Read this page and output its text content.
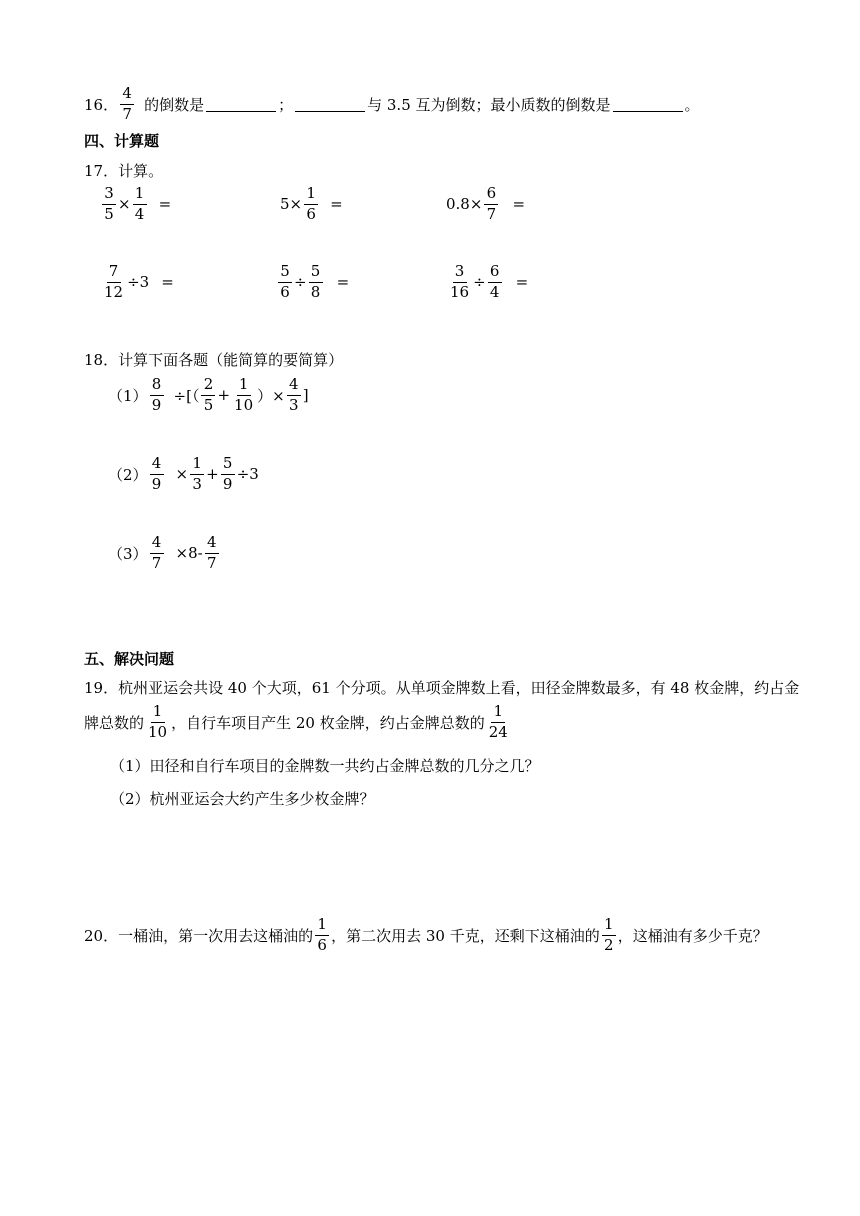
16． $\frac{4}{7}$ 的倒数是	；	与 3.5 互为倒数；最小质数的倒数是	。
四、计算题
17．计算。
$\frac{3}{5} \times \frac{1}{4}$ =	$5\times \frac{1}{6}$ =	$0.8\times \frac{6}{7}$ =
$\frac{7}{12} \div 3$ =	$\frac{5}{6} \div \frac{5}{8}$ =	$\frac{3}{16} \div \frac{6}{4}$ =
18．计算下面各题（能简算的要简算）
$(1) \frac{8}{9}$ ÷[（ $\frac{2}{5} + \frac{1}{10}$ ）× $\frac{4}{3}$ ]
$(2) \frac{4}{9} \times \frac{1}{3} + \frac{5}{9} \div 3$
$(3) \frac{4}{7} \times 8- \frac{4}{7}$
五、解决问题
19．杭州亚运会共设 40 个大项，61 个分项。从单项金牌数上看，田径金牌数最多，有 48 枚金牌，约占金
牌总数的 $\frac{1}{10}$ ，自行车项目产生 20 枚金牌，约占金牌总数的 $\frac{1}{24}$
（1）田径和自行车项目的金牌数一共约占金牌总数的几分之几？
（2）杭州亚运会大约产生多少枚金牌？
20．一桶油，第一次用去这桶油的 $\frac{1}{6}$ ，第二次用去 30 千克，还剩下这桶油的 $\frac{1}{2}$ ，这桶油有多少千克？
